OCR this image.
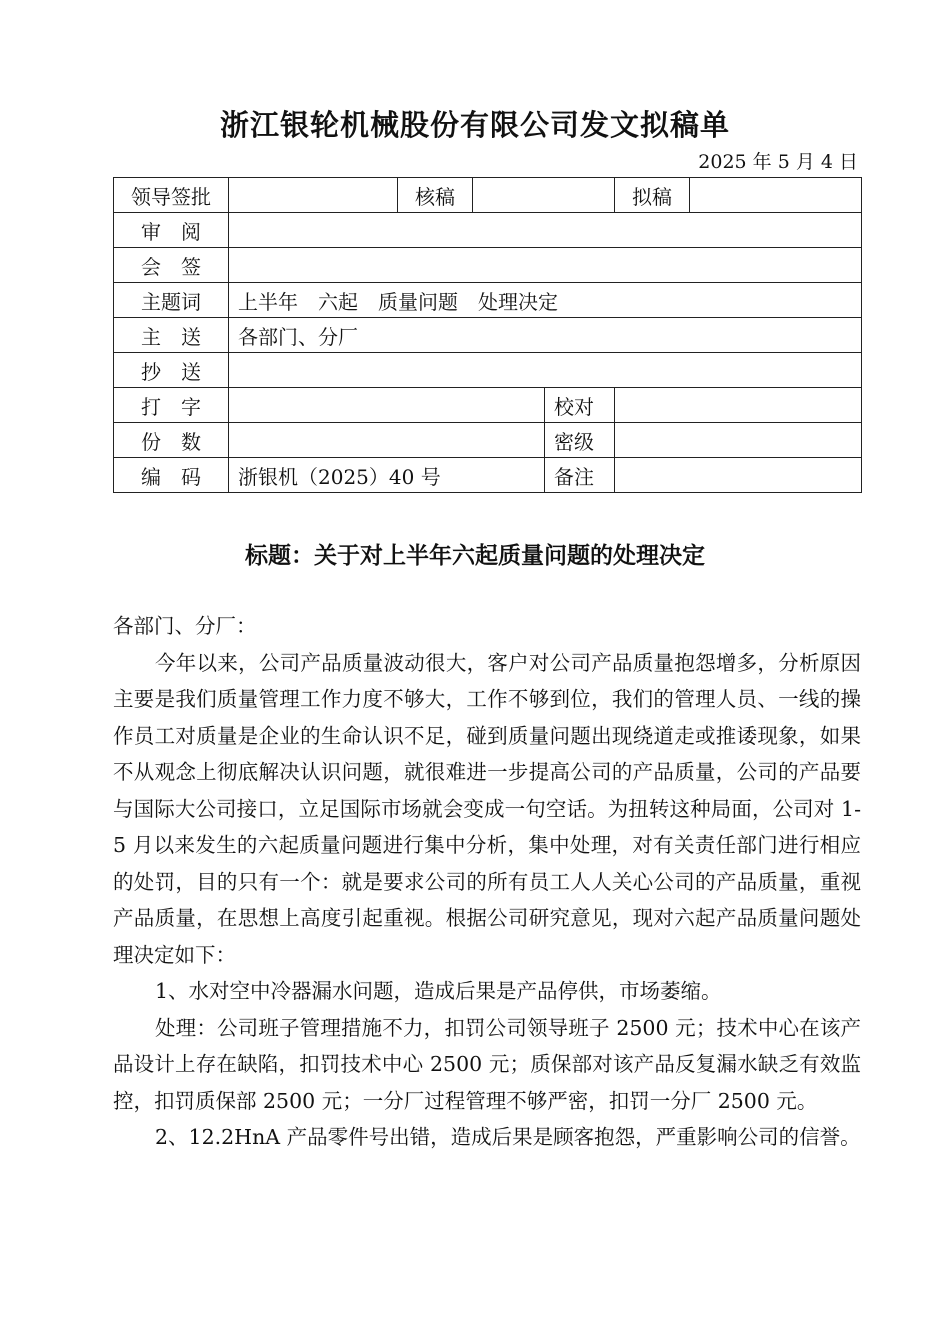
浙江银轮机械股份有限公司发文拟稿单
2025 年 5 月 4 日
领导签批		核稿			拟稿	
审　阅						
会　签						
主题词	上半年　六起　质量问题　处理决定					
主　送	各部门、分厂					
抄　送						
打　字				校对		
份　数				密级		
编　码	浙银机（2025）40 号			备注		
标题：关于对上半年六起质量问题的处理决定

各部门、分厂：

今年以来，公司产品质量波动很大，客户对公司产品质量抱怨增多，分析原因主要是我们质量管理工作力度不够大，工作不够到位，我们的管理人员、一线的操作员工对质量是企业的生命认识不足，碰到质量问题出现绕道走或推诿现象，如果不从观念上彻底解决认识问题，就很难进一步提高公司的产品质量，公司的产品要与国际大公司接口，立足国际市场就会变成一句空话。为扭转这种局面，公司对 1-5 月以来发生的六起质量问题进行集中分析，集中处理，对有关责任部门进行相应的处罚，目的只有一个：就是要求公司的所有员工人人关心公司的产品质量，重视产品质量，在思想上高度引起重视。根据公司研究意见，现对六起产品质量问题处理决定如下：

1、水对空中冷器漏水问题，造成后果是产品停供，市场萎缩。

处理：公司班子管理措施不力，扣罚公司领导班子 2500 元；技术中心在该产品设计上存在缺陷，扣罚技术中心 2500 元；质保部对该产品反复漏水缺乏有效监控，扣罚质保部 2500 元；一分厂过程管理不够严密，扣罚一分厂 2500 元。

2、12.2HnA 产品零件号出错，造成后果是顾客抱怨，严重影响公司的信誉。
